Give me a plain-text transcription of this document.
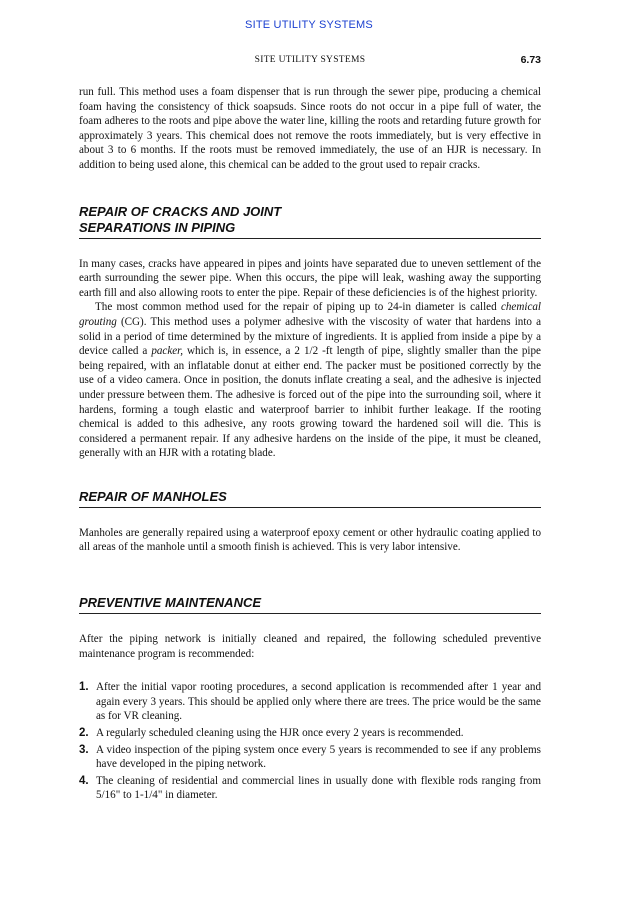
SITE UTILITY SYSTEMS
SITE UTILITY SYSTEMS	6.73

run full. This method uses a foam dispenser that is run through the sewer pipe, producing a chemical foam having the consistency of thick soapsuds. Since roots do not occur in a pipe full of water, the foam adheres to the roots and pipe above the water line, killing the roots and retarding future growth for approximately 3 years. This chemical does not remove the roots immediately, but is very effective in about 3 to 6 months. If the roots must be removed immediately, the use of an HJR is necessary. In addition to being used alone, this chemical can be added to the grout used to repair cracks.

REPAIR OF CRACKS AND JOINT SEPARATIONS IN PIPING

In many cases, cracks have appeared in pipes and joints have separated due to uneven settlement of the earth surrounding the sewer pipe. When this occurs, the pipe will leak, washing away the supporting earth fill and also allowing roots to enter the pipe. Repair of these deficiencies is of the highest priority.

The most common method used for the repair of piping up to 24-in diameter is called chemical grouting (CG). This method uses a polymer adhesive with the viscosity of water that hardens into a solid in a period of time determined by the mixture of ingredients. It is applied from inside a pipe by a device called a packer, which is, in essence, a 2 1/2 -ft length of pipe, slightly smaller than the pipe being repaired, with an inflatable donut at either end. The packer must be positioned correctly by the use of a video camera. Once in position, the donuts inflate creating a seal, and the adhesive is injected under pressure between them. The adhesive is forced out of the pipe into the surrounding soil, where it hardens, forming a tough elastic and waterproof barrier to inhibit further leakage. If the rooting chemical is added to this adhesive, any roots growing toward the hardened soil will die. This is considered a permanent repair. If any adhesive hardens on the inside of the pipe, it must be cleaned, generally with an HJR with a rotating blade.

REPAIR OF MANHOLES

Manholes are generally repaired using a waterproof epoxy cement or other hydraulic coating applied to all areas of the manhole until a smooth finish is achieved. This is very labor intensive.

PREVENTIVE MAINTENANCE

After the piping network is initially cleaned and repaired, the following scheduled preventive maintenance program is recommended:

1. After the initial vapor rooting procedures, a second application is recommended after 1 year and again every 3 years. This should be applied only where there are trees. The price would be the same as for VR cleaning.
2. A regularly scheduled cleaning using the HJR once every 2 years is recommended.
3. A video inspection of the piping system once every 5 years is recommended to see if any problems have developed in the piping network.
4. The cleaning of residential and commercial lines in usually done with flexible rods ranging from 5/16" to 1-1/4" in diameter.
